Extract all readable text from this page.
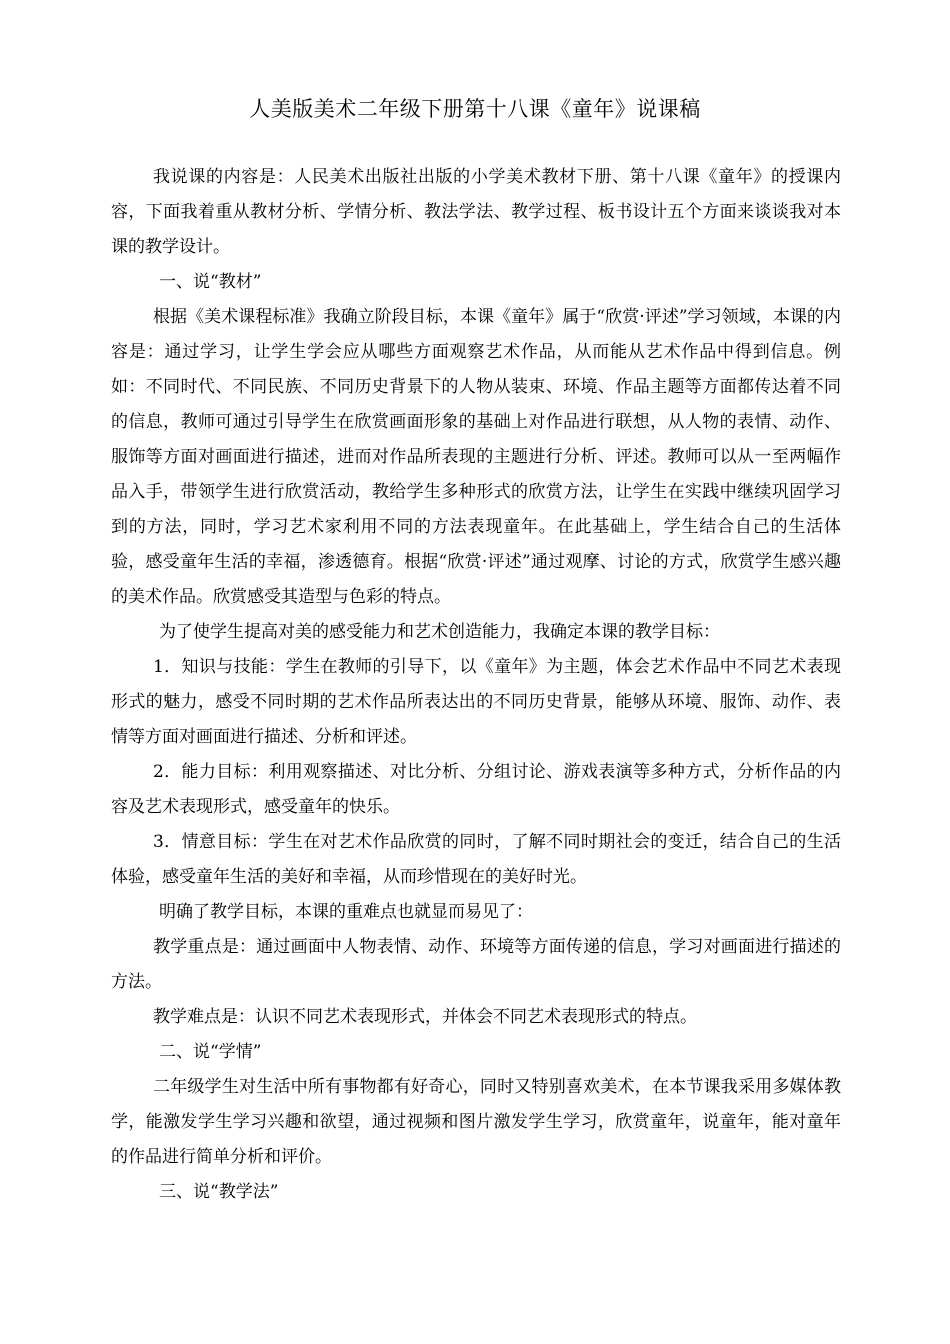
人美版美术二年级下册第十八课《童年》说课稿

我说课的内容是：人民美术出版社出版的小学美术教材下册、第十八课《童年》的授课内容，下面我着重从教材分析、学情分析、教法学法、教学过程、板书设计五个方面来谈谈我对本课的教学设计。

一、说“教材”

根据《美术课程标准》我确立阶段目标，本课《童年》属于“欣赏·评述”学习领域，本课的内容是：通过学习，让学生学会应从哪些方面观察艺术作品，从而能从艺术作品中得到信息。例如：不同时代、不同民族、不同历史背景下的人物从装束、环境、作品主题等方面都传达着不同的信息，教师可通过引导学生在欣赏画面形象的基础上对作品进行联想，从人物的表情、动作、服饰等方面对画面进行描述，进而对作品所表现的主题进行分析、评述。教师可以从一至两幅作品入手，带领学生进行欣赏活动，教给学生多种形式的欣赏方法，让学生在实践中继续巩固学习到的方法，同时，学习艺术家利用不同的方法表现童年。在此基础上，学生结合自己的生活体验，感受童年生活的幸福，渗透德育。根据“欣赏·评述”通过观摩、讨论的方式，欣赏学生感兴趣的美术作品。欣赏感受其造型与色彩的特点。

为了使学生提高对美的感受能力和艺术创造能力，我确定本课的教学目标：

1．知识与技能：学生在教师的引导下，以《童年》为主题，体会艺术作品中不同艺术表现形式的魅力，感受不同时期的艺术作品所表达出的不同历史背景，能够从环境、服饰、动作、表情等方面对画面进行描述、分析和评述。

2．能力目标：利用观察描述、对比分析、分组讨论、游戏表演等多种方式，分析作品的内容及艺术表现形式，感受童年的快乐。

3．情意目标：学生在对艺术作品欣赏的同时，了解不同时期社会的变迁，结合自己的生活体验，感受童年生活的美好和幸福，从而珍惜现在的美好时光。

明确了教学目标，本课的重难点也就显而易见了：

教学重点是：通过画面中人物表情、动作、环境等方面传递的信息，学习对画面进行描述的方法。

教学难点是：认识不同艺术表现形式，并体会不同艺术表现形式的特点。

二、说“学情”

二年级学生对生活中所有事物都有好奇心，同时又特别喜欢美术，在本节课我采用多媒体教学，能激发学生学习兴趣和欲望，通过视频和图片激发学生学习，欣赏童年，说童年，能对童年的作品进行简单分析和评价。

三、说“教学法”
